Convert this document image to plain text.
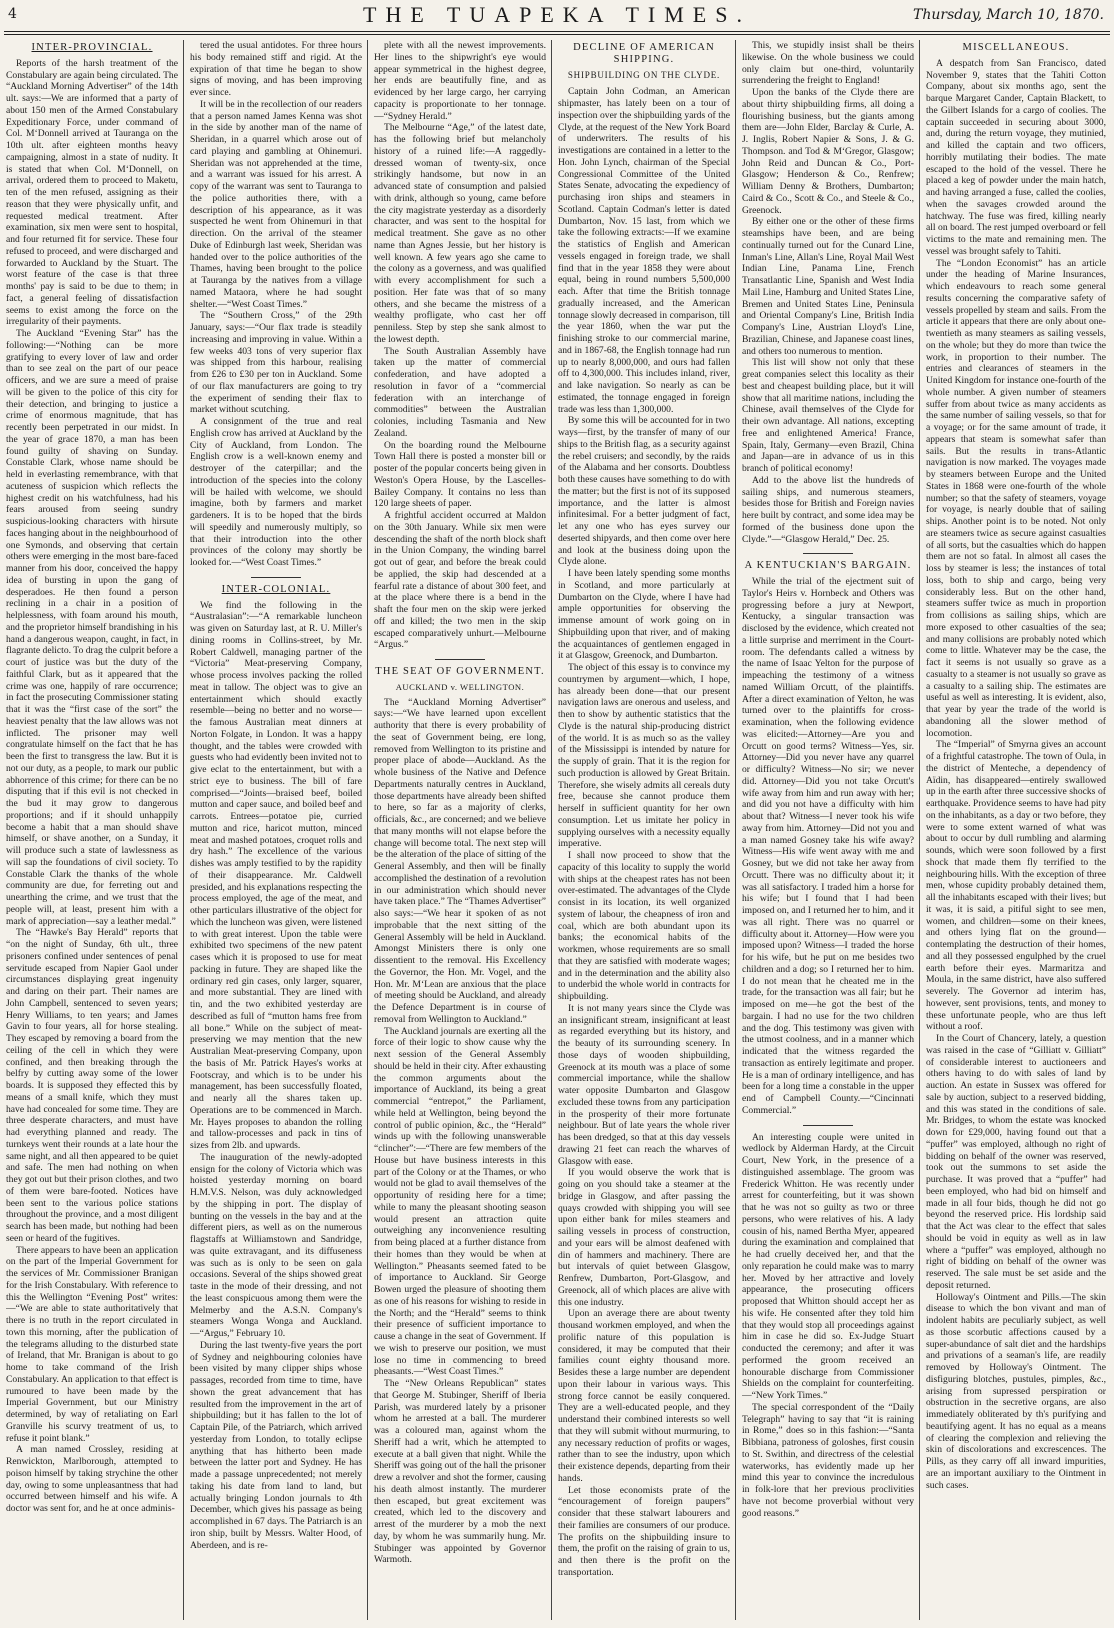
4	THE TUAPEKA TIMES.	Thursday, March 10, 1870.
INTER-PROVINCIAL.

Reports of the harsh treatment of the Constabulary are again being circulated. The “Auckland Morning Advertiser” of the 14th ult. says:—We are informed that a party of about 150 men of the Armed Constabulary Expeditionary Force, under command of Col. M‘Donnell arrived at Tauranga on the 10th ult. after eighteen months heavy campaigning, almost in a state of nudity. It is stated that when Col. M‘Donnell, on arrival, ordered them to proceed to Maketu, ten of the men refused, assigning as their reason that they were physically unfit, and requested medical treatment. After examination, six men were sent to hospital, and four returned fit for service. These four refused to proceed, and were discharged and forwarded to Auckland by the Stuart. The worst feature of the case is that three months' pay is said to be due to them; in fact, a general feeling of dissatisfaction seems to exist among the force on the irregularity of their payments.

The Auckland “Evening Star” has the following:—“Nothing can be more gratifying to every lover of law and order than to see zeal on the part of our peace officers, and we are sure a meed of praise will be given to the police of this city for their detection, and bringing to justice a crime of enormous magnitude, that has recently been perpetrated in our midst. In the year of grace 1870, a man has been found guilty of shaving on Sunday. Constable Clark, whose name should be held in everlasting remembrance, with that acuteness of suspicion which reflects the highest credit on his watchfulness, had his fears aroused from seeing sundry suspicious-looking characters with hirsute faces hanging about in the neighbourhood of one Symonds, and observing that certain others were emerging in the most bare-faced manner from his door, conceived the happy idea of bursting in upon the gang of desperadoes. He then found a person reclining in a chair in a position of helplessness, with foam around his mouth, and the proprietor himself brandishing in his hand a dangerous weapon, caught, in fact, in flagrante delicto. To drag the culprit before a court of justice was but the duty of the faithful Clark, but as it appeared that the crime was one, happily of rare occurrence; in fact the prosecuting Commissioner stating that it was the “first case of the sort” the heaviest penalty that the law allows was not inflicted. The prisoner may well congratulate himself on the fact that he has been the first to transgress the law. But it is not our duty, as a people, to mark our public abhorrence of this crime; for there can be no disputing that if this evil is not checked in the bud it may grow to dangerous proportions; and if it should unhappily become a habit that a man should shave himself, or shave another, on a Sunday, it will produce such a state of lawlessness as will sap the foundations of civil society. To Constable Clark the thanks of the whole community are due, for ferreting out and unearthing the crime, and we trust that the people will, at least, present him with a mark of appreciation—say a leather medal.”

The “Hawke's Bay Herald” reports that “on the night of Sunday, 6th ult., three prisoners confined under sentences of penal servitude escaped from Napier Gaol under circumstances displaying great ingenuity and daring on their part. Their names are John Campbell, sentenced to seven years; Henry Williams, to ten years; and James Gavin to four years, all for horse stealing. They escaped by removing a board from the ceiling of the cell in which they were confined, and then breaking through the belfry by cutting away some of the lower boards. It is supposed they effected this by means of a small knife, which they must have had concealed for some time. They are three desperate characters, and must have had everything planned and ready. The turnkeys went their rounds at a late hour the same night, and all then appeared to be quiet and safe. The men had nothing on when they got out but their prison clothes, and two of them were bare-footed. Notices have been sent to the various police stations throughout the province, and a most diligent search has been made, but nothing had been seen or heard of the fugitives.

There appears to have been an application on the part of the Imperial Government for the services of Mr. Commissioner Branigan for the Irish Constabulary. With reference to this the Wellington “Evening Post” writes:—“We are able to state authoritatively that there is no truth in the report circulated in town this morning, after the publication of the telegrams alluding to the disturbed state of Ireland, that Mr. Branigan is about to go home to take command of the Irish Constabulary. An application to that effect is rumoured to have been made by the Imperial Government, but our Ministry determined, by way of retaliating on Earl Granville his scurvy treatment of us, to refuse it point blank.”

A man named Crossley, residing at Renwickton, Marlborough, attempted to poison himself by taking strychine the other day, owing to some unpleasantness that had occurred between himself and his wife. A doctor was sent for, and he at once adminis-

tered the usual antidotes. For three hours his body remained stiff and rigid. At the expiration of that time he began to show signs of moving, and has been improving ever since.

It will be in the recollection of our readers that a person named James Kenna was shot in the side by another man of the name of Sheridan, in a quarrel which arose out of card playing and gambling at Ohinemuri. Sheridan was not apprehended at the time, and a warrant was issued for his arrest. A copy of the warrant was sent to Tauranga to the police authorities there, with a description of his appearance, as it was suspected he went from Ohinemuri in that direction. On the arrival of the steamer Duke of Edinburgh last week, Sheridan was handed over to the police authorities of the Thames, having been brought to the police at Tauranga by the natives from a village named Mataora, where he had sought shelter.—“West Coast Times.”

The “Southern Cross,” of the 29th January, says:—“Our flax trade is steadily increasing and improving in value. Within a few weeks 403 tons of very superior flax was shipped from this harbour, realising from £26 to £30 per ton in Auckland. Some of our flax manufacturers are going to try the experiment of sending their flax to market without scutching.

A consignment of the true and real English crow has arrived at Auckland by the City of Auckland, from London. The English crow is a well-known enemy and destroyer of the caterpillar; and the introduction of the species into the colony will be hailed with welcome, we should imagine, both by farmers and market gardeners. It is to be hoped that the birds will speedily and numerously multiply, so that their introduction into the other provinces of the colony may shortly be looked for.—“West Coast Times.”

INTER-COLONIAL.

We find the following in the “Australasian”:—“A remarkable luncheon was given on Saturday last, at R. U. Miller's dining rooms in Collins-street, by Mr. Robert Caldwell, managing partner of the “Victoria” Meat-preserving Company, whose process involves packing the rolled meat in tallow. The object was to give an entertainment which should exactly resemble—being no better and no worse—the famous Australian meat dinners at Norton Folgate, in London. It was a happy thought, and the tables were crowded with guests who had evidently been invited not to give eclat to the entertainment, but with a strict eye to business. The bill of fare comprised—“Joints—braised beef, boiled mutton and caper sauce, and boiled beef and carrots. Entrees—potatoe pie, curried mutton and rice, haricot mutton, minced meat and mashed potatoes, croquet rolls and dry hash.” The excellence of the various dishes was amply testified to by the rapidity of their disappearance. Mr. Caldwell presided, and his explanations respecting the process employed, the age of the meat, and other particulars illustrative of the object for which the luncheon was given, were listened to with great interest. Upon the table were exhibited two specimens of the new patent cases which it is proposed to use for meat packing in future. They are shaped like the ordinary red gin cases, only larger, squarer, and more substantial. They are lined with tin, and the two exhibited yesterday are described as full of “mutton hams free from all bone.” While on the subject of meat-preserving we may mention that the new Australian Meat-preserving Company, upon the basis of Mr. Patrick Hayes's works at Footscray, and which is to be under his management, has been successfully floated, and nearly all the shares taken up. Operations are to be commenced in March. Mr. Hayes proposes to abandon the rolling and tallow-processes and pack in tins of sizes from 2lb. and upwards.

The inauguration of the newly-adopted ensign for the colony of Victoria which was hoisted yesterday morning on board H.M.V.S. Nelson, was duly acknowledged by the shipping in port. The display of bunting on the vessels in the bay and at the different piers, as well as on the numerous flagstaffs at Williamstown and Sandridge, was quite extravagant, and its diffuseness was such as is only to be seen on gala occasions. Several of the ships showed great taste in the mode of their dressing, and not the least conspicuous among them were the Melmerby and the A.S.N. Company's steamers Wonga Wonga and Auckland.—“Argus,” February 10.

During the last twenty-five years the port of Sydney and neighbouring colonies have been visited by many clipper ships whose passages, recorded from time to time, have shown the great advancement that has resulted from the improvement in the art of shipbuilding; but it has fallen to the lot of Captain Pile, of the Patriarch, which arrived yesterday from London, to totally eclipse anything that has hitherto been made between the latter port and Sydney. He has made a passage unprecedented; not merely taking his date from land to land, but actually bringing London journals to 4th December, which gives his passage as being accomplished in 67 days. The Patriarch is an iron ship, built by Messrs. Walter Hood, of Aberdeen, and is re-

plete with all the newest improvements. Her lines to the shipwright's eye would appear symmetrical in the highest degree, her ends are beautifully fine, and as evidenced by her large cargo, her carrying capacity is proportionate to her tonnage.—“Sydney Herald.”

The Melbourne “Age,” of the latest date, has the following brief but melancholy history of a ruined life:—A raggedly-dressed woman of twenty-six, once strikingly handsome, but now in an advanced state of consumption and palsied with drink, although so young, came before the city magistrate yesterday as a disorderly character, and was sent to the hospital for medical treatment. She gave as no other name than Agnes Jessie, but her history is well known. A few years ago she came to the colony as a governess, and was qualified with every accomplishment for such a position. Her fate was that of so many others, and she became the mistress of a wealthy profligate, who cast her off penniless. Step by step she sank almost to the lowest depth.

The South Australian Assembly have taken up the matter of commercial confederation, and have adopted a resolution in favor of a “commercial federation with an interchange of commodities” between the Australian colonies, including Tasmania and New Zealand.

On the boarding round the Melbourne Town Hall there is posted a monster bill or poster of the popular concerts being given in Weston's Opera House, by the Lascelles-Bailey Company. It contains no less than 120 large sheets of paper.

A frightful accident occurred at Maldon on the 30th January. While six men were descending the shaft of the north block shaft in the Union Company, the winding barrel got out of gear, and before the break could be applied, the skip had descended at a fearful rate a distance of about 300 feet, and at the place where there is a bend in the shaft the four men on the skip were jerked off and killed; the two men in the skip escaped comparatively unhurt.—Melbourne “Argus.”

THE SEAT OF GOVERNMENT.
AUCKLAND v. WELLINGTON.

The “Auckland Morning Advertiser” says:—“We have learned upon excellent authority that there is every probability of the seat of Government being, ere long, removed from Wellington to its pristine and proper place of abode—Auckland. As the whole business of the Native and Defence Departments naturally centres in Auckland, those departments have already been shifted to here, so far as a majority of clerks, officials, &c., are concerned; and we believe that many months will not elapse before the change will become total. The next step will be the alteration of the place of sitting of the General Assembly, and then will be finally accomplished the destination of a revolution in our administration which should never have taken place.” The “Thames Advertiser” also says:—“We hear it spoken of as not improbable that the next sitting of the General Assembly will be held in Auckland. Amongst Ministers there is only one dissentient to the removal. His Excellency the Governor, the Hon. Mr. Vogel, and the Hon. Mr. M‘Lean are anxious that the place of meeting should be Auckland, and already the Defence Department is in course of removal from Wellington to Auckland.”

The Auckland journals are exerting all the force of their logic to show cause why the next session of the General Assembly should be held in their city. After exhausting the common arguments about the importance of Auckland, its being a great commercial “entrepot,” the Parliament, while held at Wellington, being beyond the control of public opinion, &c., the “Herald” winds up with the following unanswerable “clincher”:—“There are few members of the House but have business interests in this part of the Colony or at the Thames, or who would not be glad to avail themselves of the opportunity of residing here for a time; while to many the pleasant shooting season would present an attraction quite outweighing any inconvenience resulting from being placed at a further distance from their homes than they would be when at Wellington.” Pheasants seemed fated to be of importance to Auckland. Sir George Bowen urged the pleasure of shooting them as one of his reasons for wishing to reside in the North; and the “Herald” seems to think their presence of sufficient importance to cause a change in the seat of Government. If we wish to preserve our position, we must lose no time in commencing to breed pheasants.—“West Coast Times.”

The “New Orleans Republican” states that George M. Stubinger, Sheriff of Iberia Parish, was murdered lately by a prisoner whom he arrested at a ball. The murderer was a coloured man, against whom the Sheriff had a writ, which he attempted to execute at a ball given that night. While the Sheriff was going out of the hall the prisoner drew a revolver and shot the former, causing his death almost instantly. The murderer then escaped, but great excitement was created, which led to the discovery and arrest of the murderer by a mob the next day, by whom he was summarily hung. Mr. Stubinger was appointed by Governor Warmoth.

DECLINE OF AMERICAN SHIPPING.
SHIPBUILDING ON THE CLYDE.

Captain John Codman, an American shipmaster, has lately been on a tour of inspection over the shipbuilding yards of the Clyde, at the request of the New York Board of underwriters. The results of his investigations are contained in a letter to the Hon. John Lynch, chairman of the Special Congressional Committee of the United States Senate, advocating the expediency of purchasing iron ships and steamers in Scotland. Captain Codman's letter is dated Dumbarton, Nov. 15 last, from which we take the following extracts:—If we examine the statistics of English and American vessels engaged in foreign trade, we shall find that in the year 1858 they were about equal, being in round numbers 5,500,000 each. After that time the British tonnage gradually increased, and the American tonnage slowly decreased in comparison, till the year 1860, when the war put the finishing stroke to our commercial marine, and in 1867-68, the English tonnage had run up to nearly 8,000,000, and ours had fallen off to 4,300,000. This includes inland, river, and lake navigation. So nearly as can be estimated, the tonnage engaged in foreign trade was less than 1,300,000.

By some this will be accounted for in two ways—first, by the transfer of many of our ships to the British flag, as a security against the rebel cruisers; and secondly, by the raids of the Alabama and her consorts. Doubtless both these causes have something to do with the matter; but the first is not of its supposed importance, and the latter is almost infinitesimal. For a better judgment of fact, let any one who has eyes survey our deserted shipyards, and then come over here and look at the business doing upon the Clyde alone.

I have been lately spending some months in Scotland, and more particularly at Dumbarton on the Clyde, where I have had ample opportunities for observing the immense amount of work going on in Shipbuilding upon that river, and of making the acquaintances of gentlemen engaged in it at Glasgow, Greenock, and Dumbarton.

The object of this essay is to convince my countrymen by argument—which, I hope, has already been done—that our present navigation laws are onerous and useless, and then to show by authentic statistics that the Clyde is the natural ship-producing district of the world. It is as much so as the valley of the Mississippi is intended by nature for the supply of grain. That it is the region for such production is allowed by Great Britain. Therefore, she wisely admits all cereals duty free, because she cannot produce them herself in sufficient quantity for her own consumption. Let us imitate her policy in supplying ourselves with a necessity equally imperative.

I shall now proceed to show that the capacity of this locality to supply the world with ships at the cheapest rates has not been over-estimated. The advantages of the Clyde consist in its location, its well organized system of labour, the cheapness of iron and coal, which are both abundant upon its banks; the economical habits of the workmen, whose requirements are so small that they are satisfied with moderate wages; and in the determination and the ability also to underbid the whole world in contracts for shipbuilding.

It is not many years since the Clyde was an insignificant stream, insignificant at least as regarded everything but its history, and the beauty of its surrounding scenery. In those days of wooden shipbuilding, Greenock at its mouth was a place of some commercial importance, while the shallow water opposite Dumbarton and Glasgow excluded these towns from any participation in the prosperity of their more fortunate neighbour. But of late years the whole river has been dredged, so that at this day vessels drawing 21 feet can reach the wharves of Glasgow with ease.

If you would observe the work that is going on you should take a steamer at the bridge in Glasgow, and after passing the quays crowded with shipping you will see upon either bank for miles steamers and sailing vessels in process of construction, and your ears will be almost deafened with din of hammers and machinery. There are but intervals of quiet between Glasgow, Renfrew, Dumbarton, Port-Glasgow, and Greenock, all of which places are alive with this one industry.

Upon an average there are about twenty thousand workmen employed, and when the prolific nature of this population is considered, it may be computed that their families count eighty thousand more. Besides these a large number are dependent upon their labour in various ways. This strong force cannot be easily conquered. They are a well-educated people, and they understand their combined interests so well that they will submit without murmuring, to any necessary reduction of profits or wages, rather than to see the industry, upon which their existence depends, departing from their hands.

Let those economists prate of the “encouragement of foreign paupers” consider that these stalwart labourers and their families are consumers of our produce. The profits on the shipbuilding insure to them, the profit on the raising of grain to us, and then there is the profit on the transportation.

This, we stupidly insist shall be theirs likewise. On the whole business we could only claim but one-third, voluntarily surrendering the freight to England!

Upon the banks of the Clyde there are about thirty shipbuilding firms, all doing a flourishing business, but the giants among them are—John Elder, Barclay & Curle, A. J. Inglis, Robert Napier & Sons, J. & G. Thompson. and Tod & M‘Gregor, Glasgow; John Reid and Duncan & Co., Port-Glasgow; Henderson & Co., Renfrew; William Denny & Brothers, Dumbarton; Caird & Co., Scott & Co., and Steele & Co., Greenock.

By either one or the other of these firms steamships have been, and are being continually turned out for the Cunard Line, Inman's Line, Allan's Line, Royal Mail West Indian Line, Panama Line, French Transatlantic Line, Spanish and West India Mail Line, Hamburg and United States Line, Bremen and United States Line, Peninsula and Oriental Company's Line, British India Company's Line, Austrian Lloyd's Line, Brazilian, Chinese, and Japanese coast lines, and others too numerous to mention.

This list will show not only that these great companies select this locality as their best and cheapest building place, but it will show that all maritime nations, including the Chinese, avail themselves of the Clyde for their own advantage. All nations, excepting free and enlightened America! France, Spain, Italy, Germany—even Brazil, China and Japan—are in advance of us in this branch of political economy!

Add to the above list the hundreds of sailing ships, and numerous steamers, besides those for British and Foreign navies here built by contract, and some idea may be formed of the business done upon the Clyde.”—“Glasgow Herald,” Dec. 25.

A KENTUCKIAN'S BARGAIN.

While the trial of the ejectment suit of Taylor's Heirs v. Hornbeck and Others was progressing before a jury at Newport, Kentucky, a singular transaction was disclosed by the evidence, which created not a little surprise and merriment in the Court-room. The defendants called a witness by the name of Isaac Yelton for the purpose of impeaching the testimony of a witness named William Orcutt, of the plaintiffs. After a direct examination of Yelton, he was turned over to the plaintiffs for cross-examination, when the following evidence was elicited:—Attorney—Are you and Orcutt on good terms? Witness—Yes, sir. Attorney—Did you never have any quarrel or difficulty? Witness—No sir; we never did. Attorney—Did you not take Orcutt's wife away from him and run away with her; and did you not have a difficulty with him about that? Witness—I never took his wife away from him. Attorney—Did not you and a man named Gosney take his wife away? Witness—His wife went away with me and Gosney, but we did not take her away from Orcutt. There was no difficulty about it; it was all satisfactory. I traded him a horse for his wife; but I found that I had been imposed on, and I returned her to him, and it was all right. There was no quarrel or difficulty about it. Attorney—How were you imposed upon? Witness—I traded the horse for his wife, but he put on me besides two children and a dog; so I returned her to him. I do not mean that he cheated me in the trade, for the transaction was all fair; but he imposed on me—he got the best of the bargain. I had no use for the two children and the dog. This testimony was given with the utmost coolness, and in a manner which indicated that the witness regarded the transaction as entirely legitimate and proper. He is a man of ordinary intelligence, and has been for a long time a constable in the upper end of Campbell County.—“Cincinnati Commercial.”

An interesting couple were united in wedlock by Alderman Hardy, at the Circuit Court, New York, in the presence of a distinguished assemblage. The groom was Frederick Whitton. He was recently under arrest for counterfeiting, but it was shown that he was not so guilty as two or three persons, who were relatives of his. A lady cousin of his, named Bertha Myer, appeared during the examination and complained that he had cruelly deceived her, and that the only reparation he could make was to marry her. Moved by her attractive and lovely appearance, the prosecuting officers proposed that Whitton should accept her as his wife. He consented after they told him that they would stop all proceedings against him in case he did so. Ex-Judge Stuart conducted the ceremony; and after it was performed the groom received an honourable discharge from Commissioner Shields on the complaint for counterfeiting.—“New York Times.”

The special correspondent of the “Daily Telegraph” having to say that “it is raining in Rome,” does so in this fashion:—“Santa Bibbiana, patroness of goloshes, first cousin to St. Swithin, and directress of the celestial waterworks, has evidently made up her mind this year to convince the incredulous in folk-lore that her previous proclivities have not become proverbial without very good reasons.”

MISCELLANEOUS.

A despatch from San Francisco, dated November 9, states that the Tahiti Cotton Company, about six months ago, sent the barque Margaret Cander, Captain Blackett, to the Gilbert Islands for a cargo of coolies. The captain succeeded in securing about 3000, and, during the return voyage, they mutinied, and killed the captain and two officers, horribly mutilating their bodies. The mate escaped to the hold of the vessel. There he placed a keg of powder under the main hatch, and having arranged a fuse, called the coolies, when the savages crowded around the hatchway. The fuse was fired, killing nearly all on board. The rest jumped overboard or fell victims to the mate and remaining men. The vessel was brought safely to Tahiti.

The “London Economist” has an article under the heading of Marine Insurances, which endeavours to reach some general results concerning the comparative safety of vessels propelled by steam and sails. From the article it appears that there are only about one-twentieth as many steamers as sailing vessels, on the whole; but they do more than twice the work, in proportion to their number. The entries and clearances of steamers in the United Kingdom for instance one-fourth of the whole number. A given number of steamers suffer from about twice as many accidents as the same number of sailing vessels, so that for a voyage; or for the same amount of trade, it appears that steam is somewhat safer than sails. But the results in trans-Atlantic navigation is now marked. The voyages made by steamers between Europe and the United States in 1868 were one-fourth of the whole number; so that the safety of steamers, voyage for voyage, is nearly double that of sailing ships. Another point is to be noted. Not only are steamers twice as secure against casualties of all sorts, but the casualties which do happen them are not so fatal. In almost all cases the loss by steamer is less; the instances of total loss, both to ship and cargo, being very considerably less. But on the other hand, steamers suffer twice as much in proportion from collisions as sailing ships, which are more exposed to other casualties of the sea; and many collisions are probably noted which come to little. Whatever may be the case, the fact it seems is not usually so grave as a casualty to a steamer is not usually so grave as a casualty to a sailing ship. The estimates are useful as well as interesting. It is evident, also, that year by year the trade of the world is abandoning all the slower method of locomotion.

The “Imperial” of Smyrna gives an account of a frightful catastrophe. The town of Oula, in the district of Menteche, a dependency of Aïdin, has disappeared—entirely swallowed up in the earth after three successive shocks of earthquake. Providence seems to have had pity on the inhabitants, as a day or two before, they were to some extent warned of what was about to occur by dull rumbling and alarming sounds, which were soon followed by a first shock that made them fly terrified to the neighbouring hills. With the exception of three men, whose cupidity probably detained them, all the inhabitants escaped with their lives; but it was, it is said, a pitiful sight to see men, women, and children—some on their knees, and others lying flat on the ground—contemplating the destruction of their homes, and all they possessed engulphed by the cruel earth before their eyes. Marmaritza and Moula, in the same district, have also suffered severely. The Governor ad interim has, however, sent provisions, tents, and money to these unfortunate people, who are thus left without a roof.

In the Court of Chancery, lately, a question was raised in the case of “Gilliatt v. Gilliatt” of considerable interest to auctioneers and others having to do with sales of land by auction. An estate in Sussex was offered for sale by auction, subject to a reserved bidding, and this was stated in the conditions of sale. Mr. Bridges, to whom the estate was knocked down for £29,000, having found out that a “puffer” was employed, although no right of bidding on behalf of the owner was reserved, took out the summons to set aside the purchase. It was proved that a “puffer” had been employed, who had bid on himself and made in all four bids, though he did not go beyond the reserved price. His lordship said that the Act was clear to the effect that sales should be void in equity as well as in law where a “puffer” was employed, although no right of bidding on behalf of the owner was reserved. The sale must be set aside and the deposit returned.

Holloway's Ointment and Pills.—The skin disease to which the bon vivant and man of indolent habits are peculiarly subject, as well as those scorbutic affections caused by a super-abundance of salt diet and the hardships and privations of a seaman's life, are readily removed by Holloway's Ointment. The disfiguring blotches, pustules, pimples, &c., arising from supressed perspiration or obstruction in the secretive organs, are also immediately obliterated by th's purifying and beautifying agent. It has no equal as a means of clearing the complexion and relieving the skin of discolorations and excrescences. The Pills, as they carry off all inward impurities, are an important auxiliary to the Ointment in such cases.
